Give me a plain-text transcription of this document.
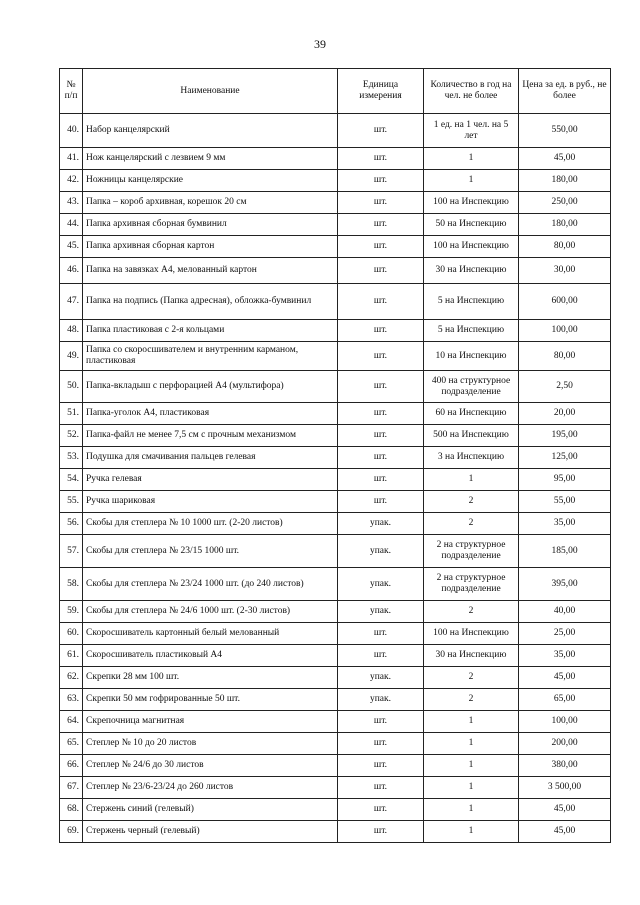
39
№ п/п	Наименование	Единица измерения	Количество в год на чел. не более	Цена за ед. в руб., не более
40.	Набор канцелярский	шт.	1 ед. на 1 чел. на 5 лет	550,00
41.	Нож канцелярский с лезвием 9 мм	шт.	1	45,00
42.	Ножницы канцелярские	шт.	1	180,00
43.	Папка – короб архивная, корешок 20 см	шт.	100 на Инспекцию	250,00
44.	Папка архивная сборная бумвинил	шт.	50 на Инспекцию	180,00
45.	Папка архивная сборная картон	шт.	100 на Инспекцию	80,00
46.	Папка на завязках А4, мелованный картон	шт.	30 на Инспекцию	30,00
47.	Папка на подпись (Папка адресная), обложка-бумвинил	шт.	5 на Инспекцию	600,00
48.	Папка пластиковая с 2-я кольцами	шт.	5 на Инспекцию	100,00
49.	Папка со скоросшивателем и внутренним карманом, пластиковая	шт.	10 на Инспекцию	80,00
50.	Папка-вкладыш с перфорацией А4 (мультифора)	шт.	400 на структурное подразделение	2,50
51.	Папка-уголок А4, пластиковая	шт.	60 на Инспекцию	20,00
52.	Папка-файл не менее 7,5 см с прочным механизмом	шт.	500 на Инспекцию	195,00
53.	Подушка для смачивания пальцев гелевая	шт.	3 на Инспекцию	125,00
54.	Ручка гелевая	шт.	1	95,00
55.	Ручка шариковая	шт.	2	55,00
56.	Скобы для степлера № 10 1000 шт. (2-20 листов)	упак.	2	35,00
57.	Скобы для степлера № 23/15 1000 шт.	упак.	2 на структурное подразделение	185,00
58.	Скобы для степлера № 23/24 1000 шт. (до 240 листов)	упак.	2 на структурное подразделение	395,00
59.	Скобы для степлера № 24/6 1000 шт. (2-30 листов)	упак.	2	40,00
60.	Скоросшиватель картонный белый мелованный	шт.	100 на Инспекцию	25,00
61.	Скоросшиватель пластиковый А4	шт.	30 на Инспекцию	35,00
62.	Скрепки 28 мм 100 шт.	упак.	2	45,00
63.	Скрепки 50 мм гофрированные 50 шт.	упак.	2	65,00
64.	Скрепочница магнитная	шт.	1	100,00
65.	Степлер № 10 до 20 листов	шт.	1	200,00
66.	Степлер № 24/6 до 30 листов	шт.	1	380,00
67.	Степлер № 23/6-23/24 до 260 листов	шт.	1	3 500,00
68.	Стержень синий (гелевый)	шт.	1	45,00
69.	Стержень черный (гелевый)	шт.	1	45,00
